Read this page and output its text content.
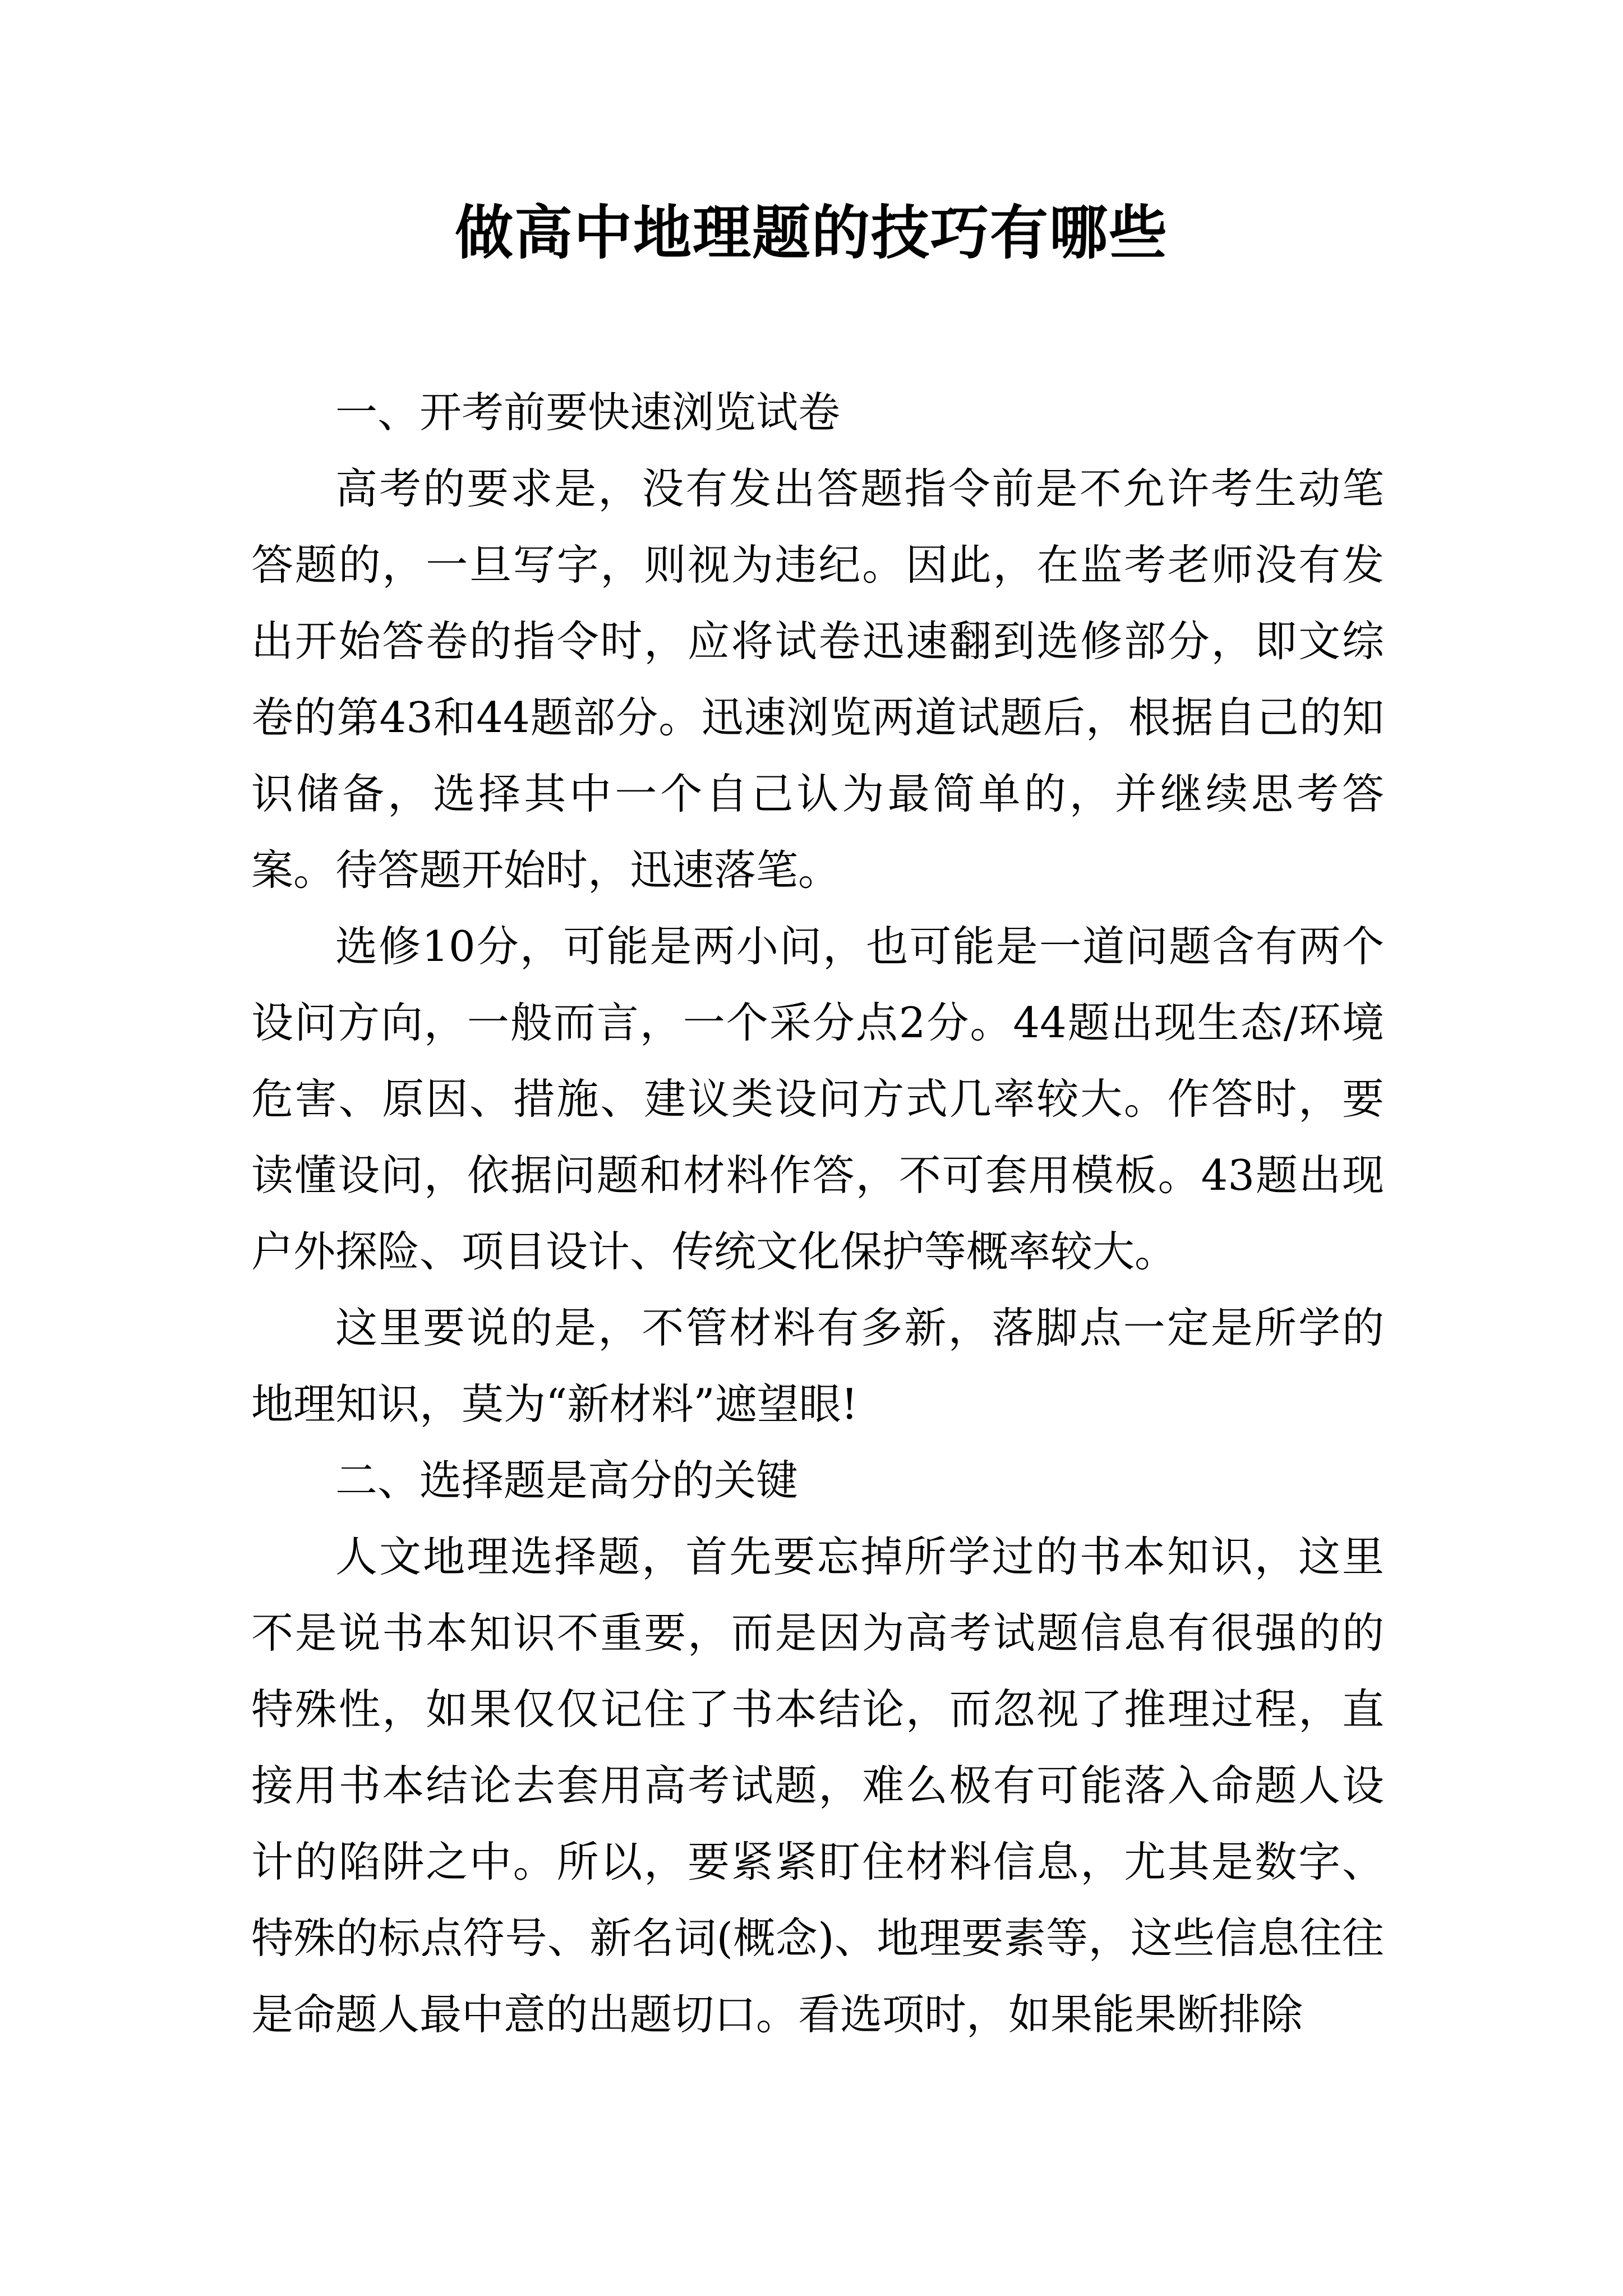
做高中地理题的技巧有哪些

一、开考前要快速浏览试卷

高考的要求是，没有发出答题指令前是不允许考生动笔答题的，一旦写字，则视为违纪。因此，在监考老师没有发出开始答卷的指令时，应将试卷迅速翻到选修部分，即文综卷的第43和44题部分。迅速浏览两道试题后，根据自己的知识储备，选择其中一个自己认为最简单的，并继续思考答案。待答题开始时，迅速落笔。

选修10分，可能是两小问，也可能是一道问题含有两个设问方向，一般而言，一个采分点2分。44题出现生态/环境危害、原因、措施、建议类设问方式几率较大。作答时，要读懂设问，依据问题和材料作答，不可套用模板。43题出现户外探险、项目设计、传统文化保护等概率较大。

这里要说的是，不管材料有多新，落脚点一定是所学的地理知识，莫为“新材料”遮望眼!

二、选择题是高分的关键

人文地理选择题，首先要忘掉所学过的书本知识，这里不是说书本知识不重要，而是因为高考试题信息有很强的的特殊性，如果仅仅记住了书本结论，而忽视了推理过程，直接用书本结论去套用高考试题，难么极有可能落入命题人设计的陷阱之中。所以，要紧紧盯住材料信息，尤其是数字、特殊的标点符号、新名词(概念)、地理要素等，这些信息往往是命题人最中意的出题切口。看选项时，如果能果断排除
